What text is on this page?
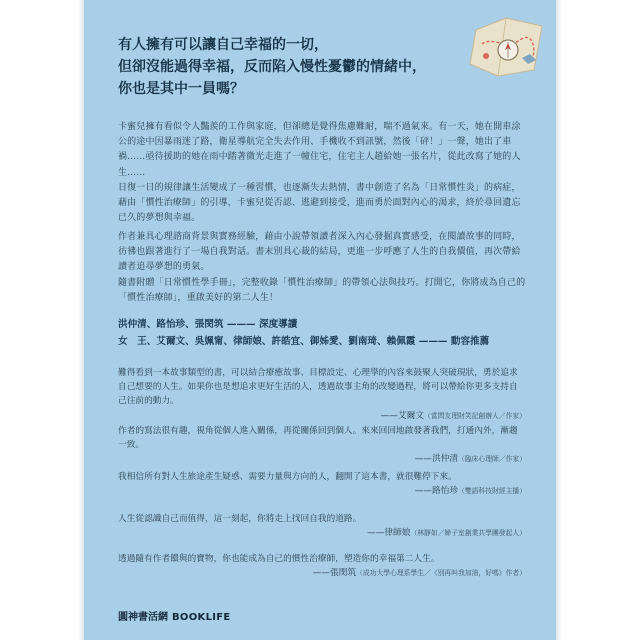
有人擁有可以讓自己幸福的一切，
但卻沒能過得幸福，反而陷入慢性憂鬱的情緒中，
你也是其中一員嗎？
卡蜜兒擁有看似令人豔羨的工作與家庭，但卻總是覺得焦慮難耐，喘不過氣來。有一天，她在開車涂公的途中因暴雨迷了路，衛星導航完全失去作用、手機收不到訊號，然後「砰！」一聲，她出了車禍……亟待援助的她在雨中踏著微光走進了一幢住宅，住宅主人趙給她一張名片，從此改寫了她的人生……
日復一日的規律讓生活變成了一種習慣，也逐漸失去熱情，書中創造了名為「日常慣性炎」的病症，藉由「慣性治療師」的引導，卡蜜兒從否認、逃避到接受，進而勇於面對內心的渴求，終於尋回遺忘已久的夢想與幸福。
作者兼具心理諮商背景與實務經驗，藉由小說帶領讀者深入內心發掘真實感受，在閱讀故事的同時，彷彿也跟著進行了一場自我對話。書末別具心裁的結局，更進一步呼應了人生的自我價值，再次帶給讀者追尋夢想的勇氣。
隨書附贈「日常慣性學手冊」，完整收錄「慣性治療師」的帶領心法與技巧。打開它，你將成為自己的「慣性治療師」，重啟美好的第二人生！
洪仲清、路怡珍、張閔筑 ——— 深度導讀
女　王、艾爾文、吳姵甯、律師娘、許皓宜、御姊愛、劉南琦、賴佩霞 ——— 動容推薦
難得看到一本故事類型的書，可以結合療癒故事、目標設定、心理學的內容來鼓聚人突破現狀，勇於追求自己想要的人生。如果你也是想追求更好生活的人，透過故事主角的改變過程，將可以帶給你更多支持自己往前的動力。
——艾爾文（當問友理財笑記創辦人／作家）
作者的寫法很有趣，視角從個人進入關係，再從關係回到個人。來來回回地啟發著我們，打通內外，漸趨一致。
——洪仲清（臨床心理師／作家）
我相信所有對人生旅途產生疑惑、需要力量與方向的人，翻開了這本書，就很難停下來。
——路怡珍（雙語科技財經主播）
人生從認識自己而值得，這一刻起，你將走上找回自我的道路。
——律師娘（林靜如／婦子室創業共學團發起人）
透過隨有作者饋與的寶物，你也能成為自己的慣性治療師，塑造你的幸福第二人生。
——張閔筑（成功大學心理系學生／《別再叫我加油，好嗎》作者）
圓神書活網 BOOKLIFE
